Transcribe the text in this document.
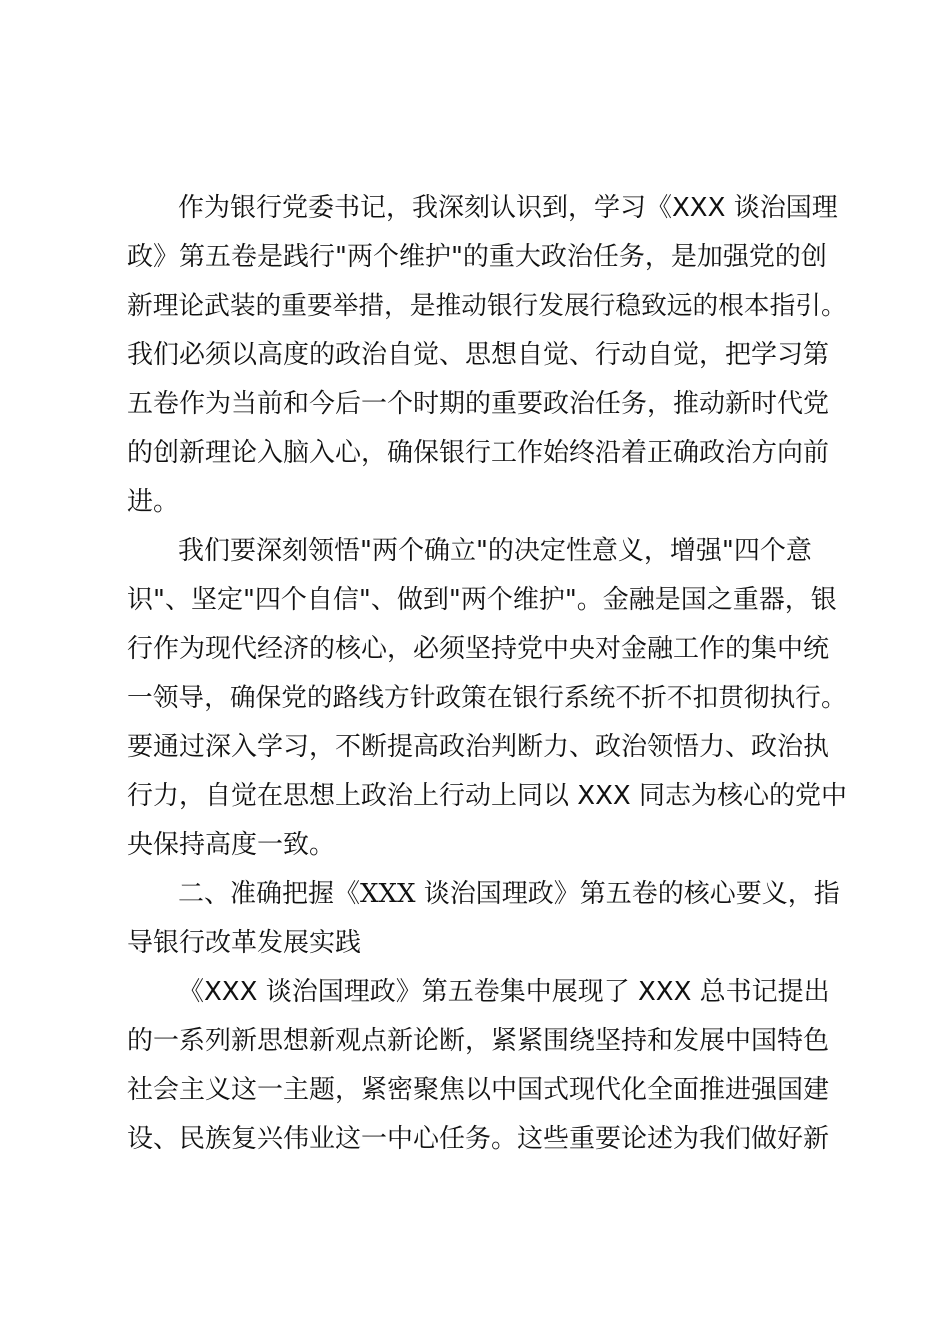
作为银行党委书记，我深刻认识到，学习《XXX 谈治国理
政》第五卷是践行"两个维护"的重大政治任务，是加强党的创
新理论武装的重要举措，是推动银行发展行稳致远的根本指引。
我们必须以高度的政治自觉、思想自觉、行动自觉，把学习第
五卷作为当前和今后一个时期的重要政治任务，推动新时代党
的创新理论入脑入心，确保银行工作始终沿着正确政治方向前
进。
我们要深刻领悟"两个确立"的决定性意义，增强"四个意
识"、坚定"四个自信"、做到"两个维护"。金融是国之重器，银
行作为现代经济的核心，必须坚持党中央对金融工作的集中统
一领导，确保党的路线方针政策在银行系统不折不扣贯彻执行。
要通过深入学习，不断提高政治判断力、政治领悟力、政治执
行力，自觉在思想上政治上行动上同以 XXX 同志为核心的党中
央保持高度一致。
二、准确把握《XXX 谈治国理政》第五卷的核心要义，指
导银行改革发展实践
《XXX 谈治国理政》第五卷集中展现了 XXX 总书记提出
的一系列新思想新观点新论断，紧紧围绕坚持和发展中国特色
社会主义这一主题，紧密聚焦以中国式现代化全面推进强国建
设、民族复兴伟业这一中心任务。这些重要论述为我们做好新
